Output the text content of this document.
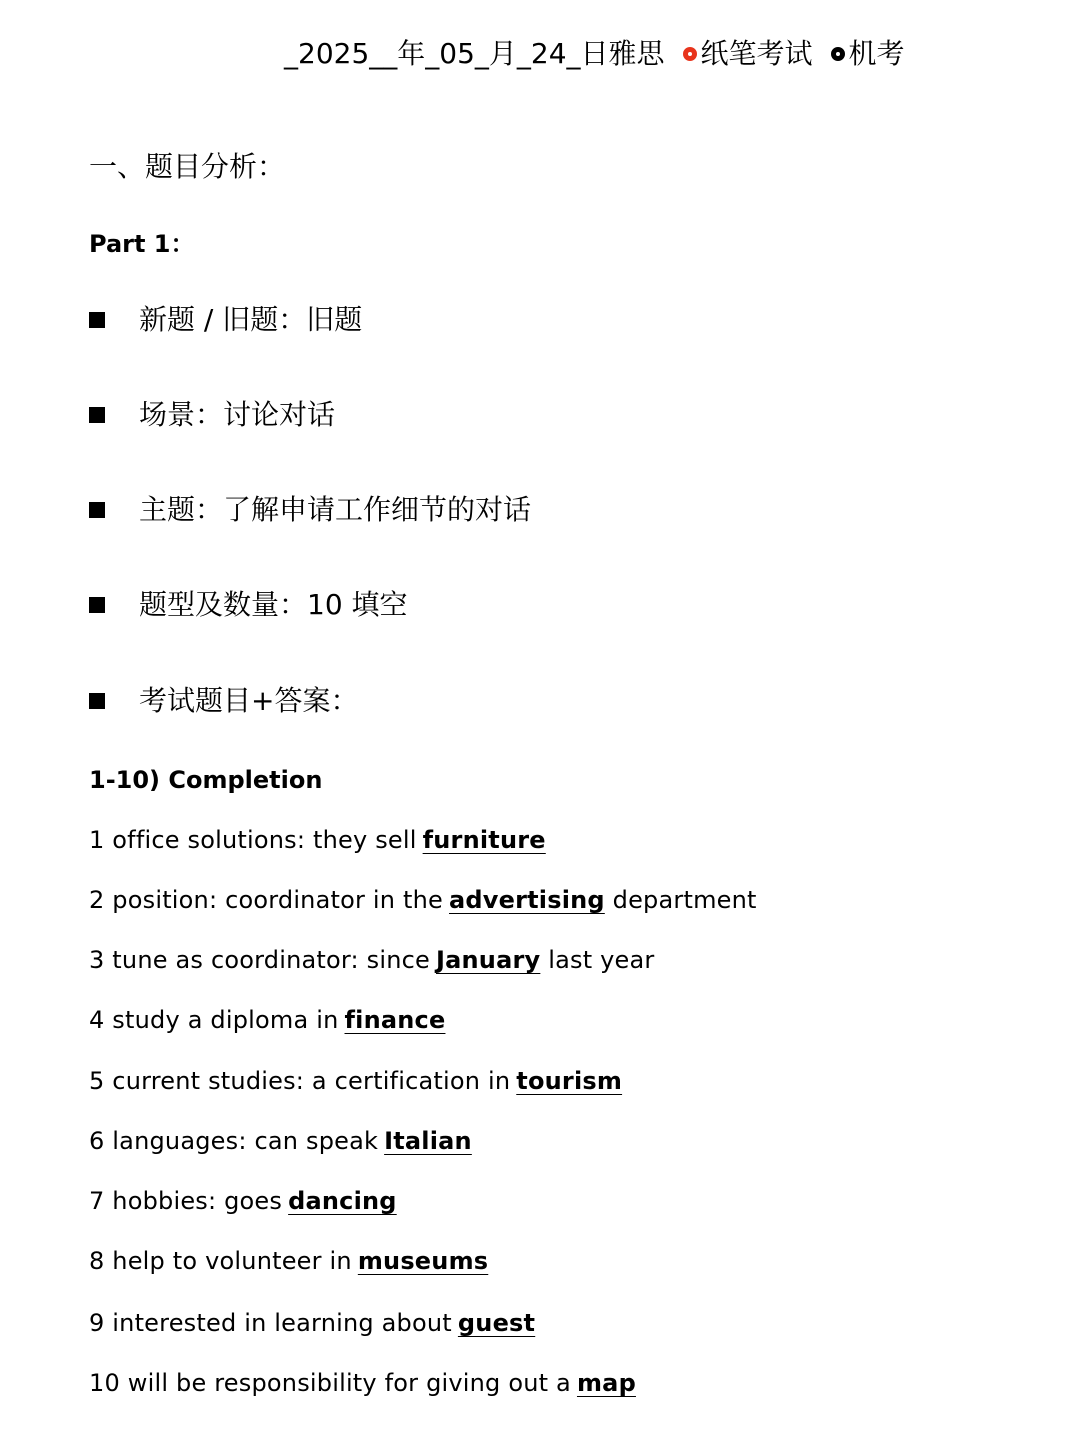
_2025__年_05_月_24_日雅思 纸笔考试 机考
一、题目分析：
Part 1：
新题 / 旧题：旧题
场景：讨论对话
主题：了解申请工作细节的对话
题型及数量：10 填空
考试题目+答案：
1-10) Completion
1 office solutions: they sell furniture
2 position: coordinator in the advertising department
3 tune as coordinator: since January last year
4 study a diploma in finance
5 current studies: a certification in tourism
6 languages: can speak Italian
7 hobbies: goes dancing
8 help to volunteer in museums
9 interested in learning about guest
10 will be responsibility for giving out a map
